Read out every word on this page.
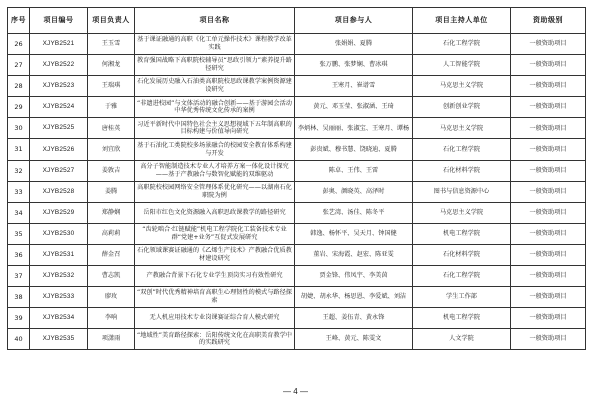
序号	项目编号	项目负责人	项目名称	项目参与人	项目主持人单位	资助级别
26	XJYB2521	王玉雪	基于课证融通的高职《化工单元操作技术》课程教学改革实践	张娟娟、夏腾	石化工程学院	一般资助项目
27	XJYB2522	何湘龙	教育强国战略下高职院校辅导员“思政引领力”素养提升路径研究	张万鹏、张梦娴、曹冰琪	人工智能学院	一般资助项目
28	XJYB2523	王瑞琪	石化发展历史融入石油类高职院校思政课教学案例资源建设研究	王寒月、崔谱雪	马克思主义学院	一般资助项目
29	XJYB2524	于雅	“非遗进校园”与文体活动的融合创新——基于游园会活动中华优秀传统文化传承的案例	黄元、邓玉莹、张淑涵、王琦	创新创业学院	一般资助项目
30	XJYB2525	唐桂英	习近平新时代中国特色社会主义思想视域下五年制高职的目标构建与价值导向研究	李炳林、吴丽丽、张淑宝、王寒月、谭杨	马克思主义学院	一般资助项目
31	XJYB2526	刘宜欣	基于石油化工类院校多场景融合的校园安全教育体系构建与开发	彭贵斌、穆书慧、饶晓迪、夏腾	石化工程学院	一般资助项目
32	XJYB2527	姜敦吉	高分子智能制造技术专业人才培养方案一体化设计探究——基于产教融合与数智化赋能的双维驱动	陈卓、王伟、王雷	石化材料学院	一般资助项目
33	XJYB2528	姜腾	高职院校校园网络安全管理体系优化研究——以湖南石化职院为例	彭奥、颜晓英、高泽时	图书与信息资源中心	一般资助项目
34	XJYB2529	郑静娴	岳阳市红色文化资源融入高职思政课教学的路径研究	张艺湾、汤佳、陈冬平	马克思主义学院	一般资助项目
35	XJYB2530	高莉莉	“齿轮啮合·红链赋能”机电工程学院化工装备技术专业群“党建+业务”互促式发展研究	韩逸、杨怀平、吴天月、钟国健	机电工程学院	一般资助项目
36	XJYB2531	薛金召	石化领域课赛证融通的《乙烯生产技术》产教融合优质教材建设研究	董岩、宋海霞、赵宏、陈亚雯	石化材料学院	一般资助项目
37	XJYB2532	曹志凯	产教融合背景下石化专业学生顶岗实习有效性研究	贾金锋、伟凤宇、李美茵	石化工程学院	一般资助项目
38	XJYB2533	廖玫	“双创”时代优秀精神培育高职生心理韧性的模式与路径探索	胡婕、胡永华、杨思恩、李爱斌、刘洁	学生工作部	一般资助项目
39	XJYB2534	李响	无人机应用技术专业岗课赛证综合育人模式研究	王超、姜伍青、黄永锋	机电工程学院	一般资助项目
40	XJYB2535	项潇雨	“地域性”美育路径探索：岳阳传统文化在高职美育教学中的实践研究	王峰、黄元、陈雯文	人文学院	一般资助项目
— 4 —
